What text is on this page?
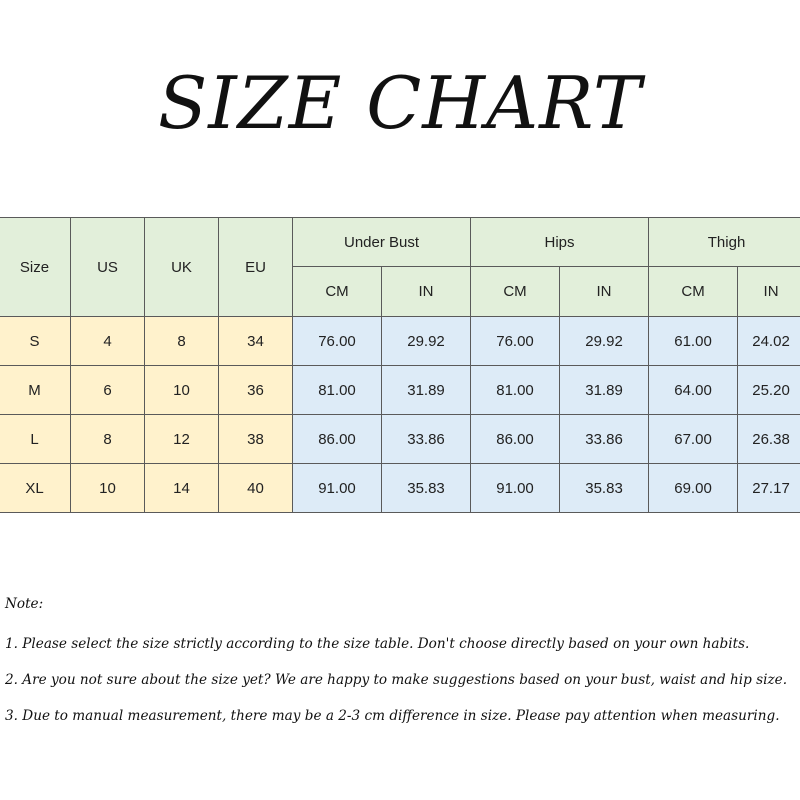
SIZE CHART
Size	US	UK	EU	Under Bust		Hips		Thigh	
				CM	IN	CM	IN	CM	IN
S	4	8	34	76.00	29.92	76.00	29.92	61.00	24.02
M	6	10	36	81.00	31.89	81.00	31.89	64.00	25.20
L	8	12	38	86.00	33.86	86.00	33.86	67.00	26.38
XL	10	14	40	91.00	35.83	91.00	35.83	69.00	27.17
Note:
1. Please select the size strictly according to the size table. Don't choose directly based on your own habits.
2. Are you not sure about the size yet? We are happy to make suggestions based on your bust, waist and hip size.
3. Due to manual measurement, there may be a 2-3 cm difference in size. Please pay attention when measuring.
